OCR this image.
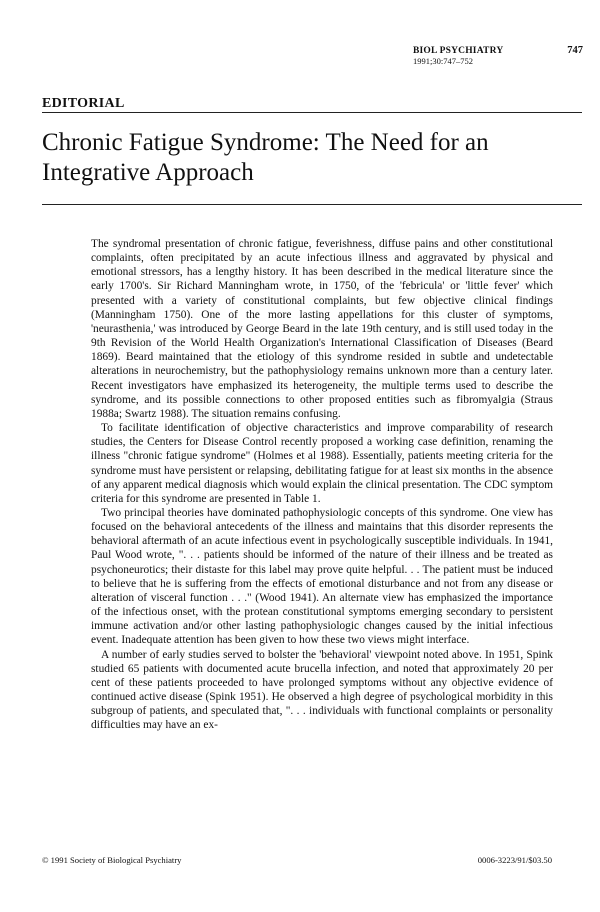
BIOL PSYCHIATRY	747
1991;30:747–752
EDITORIAL
Chronic Fatigue Syndrome: The Need for an Integrative Approach

The syndromal presentation of chronic fatigue, feverishness, diffuse pains and other constitutional complaints, often precipitated by an acute infectious illness and aggravated by physical and emotional stressors, has a lengthy history. It has been described in the medical literature since the early 1700's. Sir Richard Manningham wrote, in 1750, of the 'febricula' or 'little fever' which presented with a variety of constitutional complaints, but few objective clinical findings (Manningham 1750). One of the more lasting appellations for this cluster of symptoms, 'neurasthenia,' was introduced by George Beard in the late 19th century, and is still used today in the 9th Revision of the World Health Organization's International Classification of Diseases (Beard 1869). Beard maintained that the etiology of this syndrome resided in subtle and undetectable alterations in neurochemistry, but the pathophysiology remains unknown more than a century later. Recent investigators have emphasized its heterogeneity, the multiple terms used to describe the syndrome, and its possible connections to other proposed entities such as fibromyalgia (Straus 1988a; Swartz 1988). The situation remains confusing.

To facilitate identification of objective characteristics and improve comparability of research studies, the Centers for Disease Control recently proposed a working case definition, renaming the illness "chronic fatigue syndrome" (Holmes et al 1988). Essentially, patients meeting criteria for the syndrome must have persistent or relapsing, debilitating fatigue for at least six months in the absence of any apparent medical diagnosis which would explain the clinical presentation. The CDC symptom criteria for this syndrome are presented in Table 1.

Two principal theories have dominated pathophysiologic concepts of this syndrome. One view has focused on the behavioral antecedents of the illness and maintains that this disorder represents the behavioral aftermath of an acute infectious event in psychologically susceptible individuals. In 1941, Paul Wood wrote, ". . . patients should be informed of the nature of their illness and be treated as psychoneurotics; their distaste for this label may prove quite helpful. . . The patient must be induced to believe that he is suffering from the effects of emotional disturbance and not from any disease or alteration of visceral function . . ." (Wood 1941). An alternate view has emphasized the importance of the infectious onset, with the protean constitutional symptoms emerging secondary to persistent immune activation and/or other lasting pathophysiologic changes caused by the initial infectious event. Inadequate attention has been given to how these two views might interface.

A number of early studies served to bolster the 'behavioral' viewpoint noted above. In 1951, Spink studied 65 patients with documented acute brucella infection, and noted that approximately 20 per cent of these patients proceeded to have prolonged symptoms without any objective evidence of continued active disease (Spink 1951). He observed a high degree of psychological morbidity in this subgroup of patients, and speculated that, ". . . individuals with functional complaints or personality difficulties may have an ex-

© 1991 Society of Biological Psychiatry	0006-3223/91/$03.50
